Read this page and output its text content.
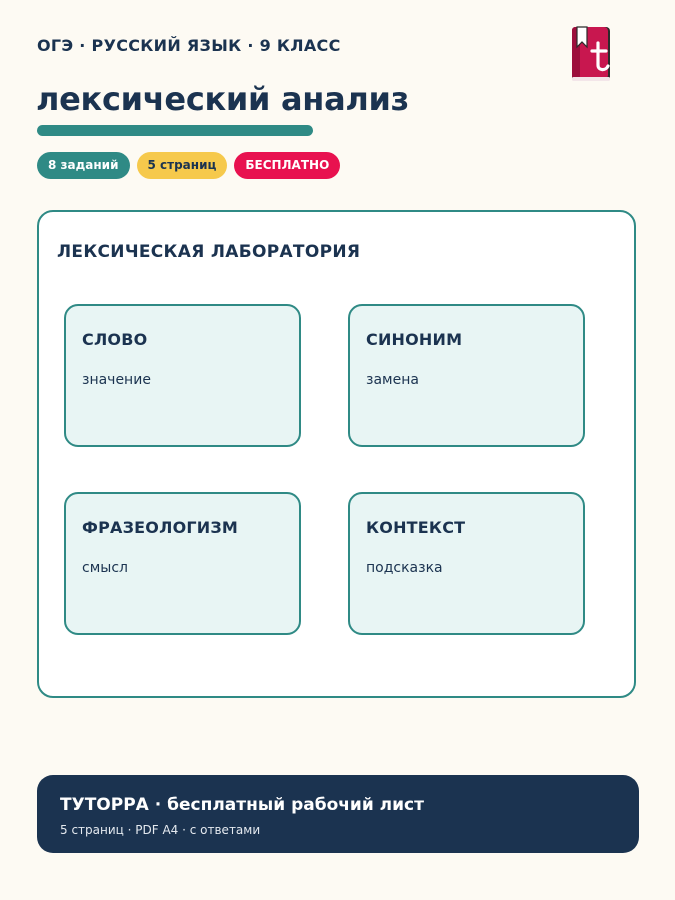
ОГЭ · РУССКИЙ ЯЗЫК · 9 КЛАСС
лексический анализ
8 заданий	5 страниц	БЕСПЛАТНО
ЛЕКСИЧЕСКАЯ ЛАБОРАТОРИЯ
СЛОВО
значение
СИНОНИМ
замена
ФРАЗЕОЛОГИЗМ
смысл
КОНТЕКСТ
подсказка
ТУТОРРА · бесплатный рабочий лист
5 страниц · PDF A4 · с ответами
